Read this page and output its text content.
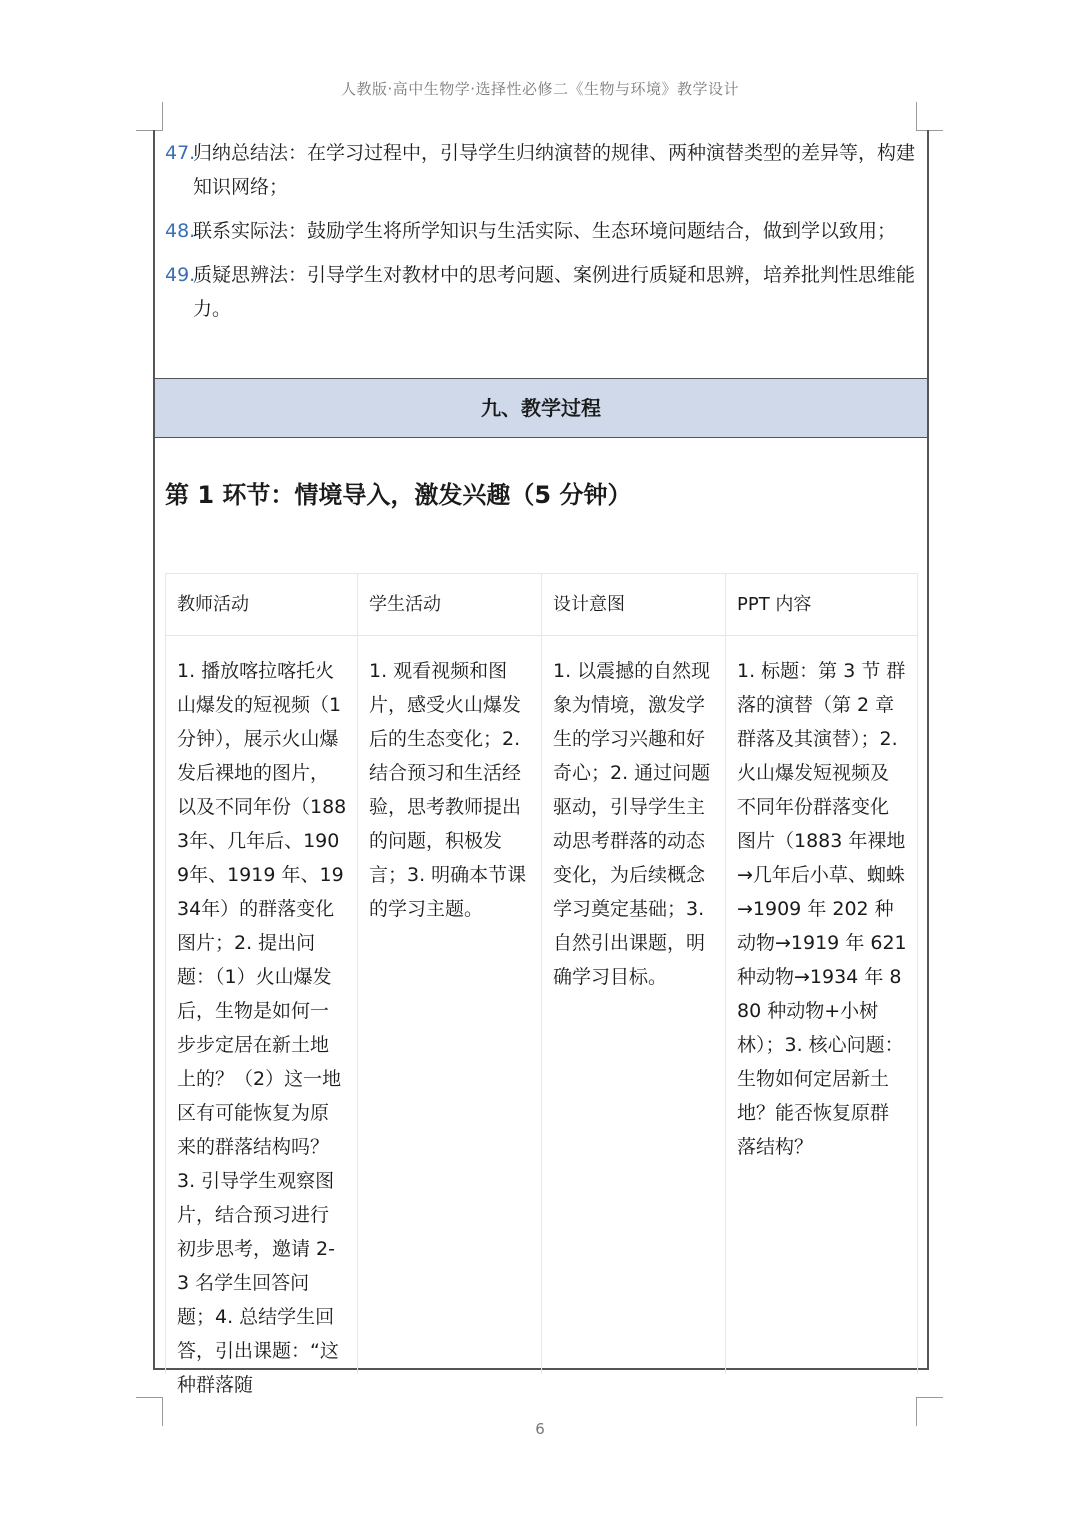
人教版·高中生物学·选择性必修二《生物与环境》教学设计
47.
归纳总结法：在学习过程中，引导学生归纳演替的规律、两种演替类型的差异等，构建知识网络；
48.
联系实际法：鼓励学生将所学知识与生活实际、生态环境问题结合，做到学以致用；
49.
质疑思辨法：引导学生对教材中的思考问题、案例进行质疑和思辨，培养批判性思维能力。
九、教学过程
第 1 环节：情境导入，激发兴趣（5 分钟）
教师活动
1. 播放喀拉喀托火山爆发的短视频（1分钟），展示火山爆发后裸地的图片，以及不同年份（1883年、几年后、1909年、1919 年、1934年）的群落变化图片；2. 提出问题：（1）火山爆发后，生物是如何一步步定居在新土地上的？（2）这一地区有可能恢复为原来的群落结构吗？3. 引导学生观察图片，结合预习进行初步思考，邀请 2-3 名学生回答问题；4. 总结学生回答，引出课题：“这种群落随
学生活动
1. 观看视频和图片，感受火山爆发后的生态变化；2. 结合预习和生活经验，思考教师提出的问题，积极发言；3. 明确本节课的学习主题。
设计意图
1. 以震撼的自然现象为情境，激发学生的学习兴趣和好奇心；2. 通过问题驱动，引导学生主动思考群落的动态变化，为后续概念学习奠定基础；3. 自然引出课题，明确学习目标。
PPT 内容
1. 标题：第 3 节 群落的演替（第 2 章 群落及其演替）；2. 火山爆发短视频及不同年份群落变化图片（1883 年裸地→几年后小草、蜘蛛→1909 年 202 种动物→1919 年 621 种动物→1934 年 880 种动物+小树林）；3. 核心问题：生物如何定居新土地？能否恢复原群落结构？
6
